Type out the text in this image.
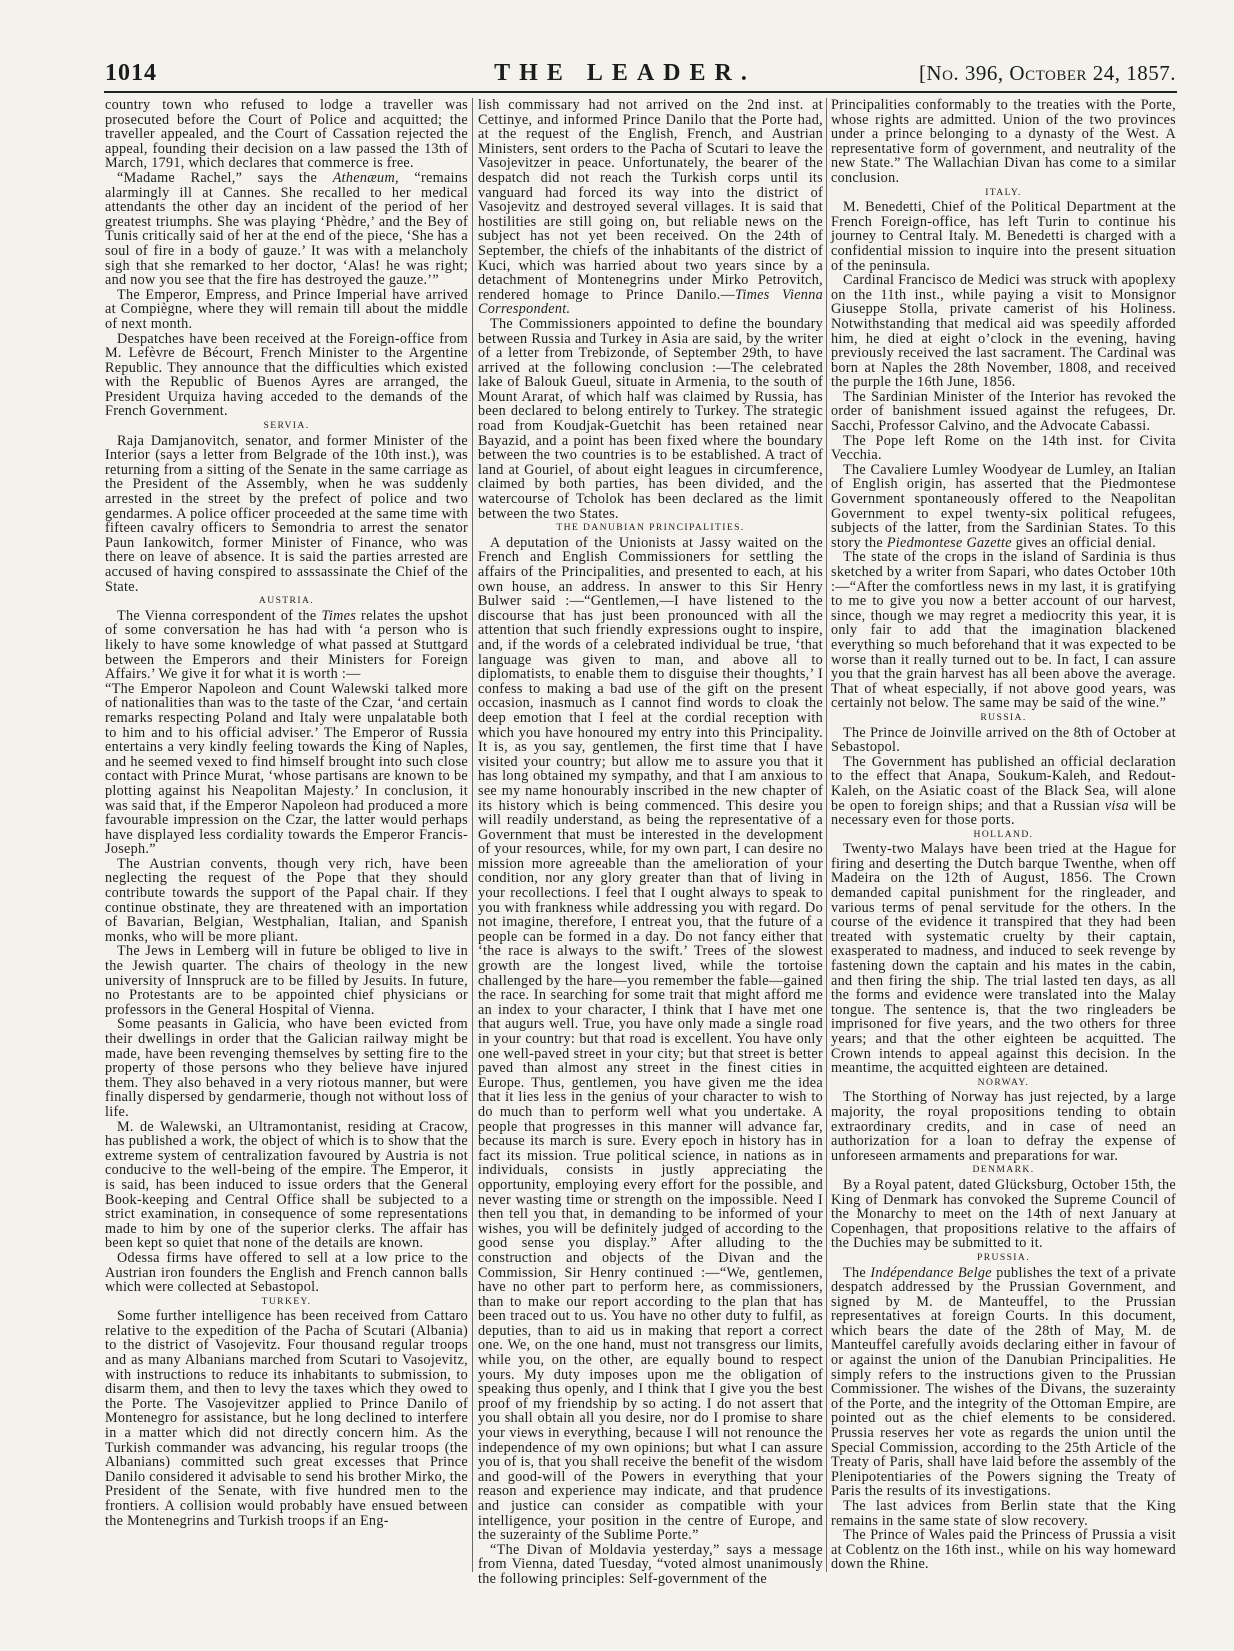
1014	THE LEADER.	[No. 396, October 24, 1857.

country town who refused to lodge a traveller was prosecuted before the Court of Police and acquitted; the traveller appealed, and the Court of Cassation rejected the appeal, founding their decision on a law passed the 13th of March, 1791, which declares that commerce is free.

“Madame Rachel,” says the Athenæum, “remains alarmingly ill at Cannes. She recalled to her medical attendants the other day an incident of the period of her greatest triumphs. She was playing ‘Phèdre,’ and the Bey of Tunis critically said of her at the end of the piece, ‘She has a soul of fire in a body of gauze.’ It was with a melancholy sigh that she remarked to her doctor, ‘Alas! he was right; and now you see that the fire has destroyed the gauze.’”

The Emperor, Empress, and Prince Imperial have arrived at Compiègne, where they will remain till about the middle of next month.

Despatches have been received at the Foreign-office from M. Lefèvre de Bécourt, French Minister to the Argentine Republic. They announce that the difficulties which existed with the Republic of Buenos Ayres are arranged, the President Urquiza having acceded to the demands of the French Government.

SERVIA.

Raja Damjanovitch, senator, and former Minister of the Interior (says a letter from Belgrade of the 10th inst.), was returning from a sitting of the Senate in the same carriage as the President of the Assembly, when he was suddenly arrested in the street by the prefect of police and two gendarmes. A police officer proceeded at the same time with fifteen cavalry officers to Semondria to arrest the senator Paun Iankowitch, former Minister of Finance, who was there on leave of absence. It is said the parties arrested are accused of having conspired to asssassinate the Chief of the State.

AUSTRIA.

The Vienna correspondent of the Times relates the upshot of some conversation he has had with ‘a person who is likely to have some knowledge of what passed at Stuttgard between the Emperors and their Ministers for Foreign Affairs.’ We give it for what it is worth :—

“The Emperor Napoleon and Count Walewski talked more of nationalities than was to the taste of the Czar, ‘and certain remarks respecting Poland and Italy were unpalatable both to him and to his official adviser.’ The Emperor of Russia entertains a very kindly feeling towards the King of Naples, and he seemed vexed to find himself brought into such close contact with Prince Murat, ‘whose partisans are known to be plotting against his Neapolitan Majesty.’ In conclusion, it was said that, if the Emperor Napoleon had produced a more favourable impression on the Czar, the latter would perhaps have displayed less cordiality towards the Emperor Francis-Joseph.”

The Austrian convents, though very rich, have been neglecting the request of the Pope that they should contribute towards the support of the Papal chair. If they continue obstinate, they are threatened with an importation of Bavarian, Belgian, Westphalian, Italian, and Spanish monks, who will be more pliant.

The Jews in Lemberg will in future be obliged to live in the Jewish quarter. The chairs of theology in the new university of Innspruck are to be filled by Jesuits. In future, no Protestants are to be appointed chief physicians or professors in the General Hospital of Vienna.

Some peasants in Galicia, who have been evicted from their dwellings in order that the Galician railway might be made, have been revenging themselves by setting fire to the property of those persons who they believe have injured them. They also behaved in a very riotous manner, but were finally dispersed by gendarmerie, though not without loss of life.

M. de Walewski, an Ultramontanist, residing at Cracow, has published a work, the object of which is to show that the extreme system of centralization favoured by Austria is not conducive to the well-being of the empire. The Emperor, it is said, has been induced to issue orders that the General Book-keeping and Central Office shall be subjected to a strict examination, in consequence of some representations made to him by one of the superior clerks. The affair has been kept so quiet that none of the details are known.

Odessa firms have offered to sell at a low price to the Austrian iron founders the English and French cannon balls which were collected at Sebastopol.

TURKEY.

Some further intelligence has been received from Cattaro relative to the expedition of the Pacha of Scutari (Albania) to the district of Vasojevitz. Four thousand regular troops and as many Albanians marched from Scutari to Vasojevitz, with instructions to reduce its inhabitants to submission, to disarm them, and then to levy the taxes which they owed to the Porte. The Vasojevitzer applied to Prince Danilo of Montenegro for assistance, but he long declined to interfere in a matter which did not directly concern him. As the Turkish commander was advancing, his regular troops (the Albanians) committed such great excesses that Prince Danilo considered it advisable to send his brother Mirko, the President of the Senate, with five hundred men to the frontiers. A collision would probably have ensued between the Montenegrins and Turkish troops if an Eng-

lish commissary had not arrived on the 2nd inst. at Cettinye, and informed Prince Danilo that the Porte had, at the request of the English, French, and Austrian Ministers, sent orders to the Pacha of Scutari to leave the Vasojevitzer in peace. Unfortunately, the bearer of the despatch did not reach the Turkish corps until its vanguard had forced its way into the district of Vasojevitz and destroyed several villages. It is said that hostilities are still going on, but reliable news on the subject has not yet been received. On the 24th of September, the chiefs of the inhabitants of the district of Kuci, which was harried about two years since by a detachment of Montenegrins under Mirko Petrovitch, rendered homage to Prince Danilo.—Times Vienna Correspondent.

The Commissioners appointed to define the boundary between Russia and Turkey in Asia are said, by the writer of a letter from Trebizonde, of September 29th, to have arrived at the following conclusion :—The celebrated lake of Balouk Gueul, situate in Armenia, to the south of Mount Ararat, of which half was claimed by Russia, has been declared to belong entirely to Turkey. The strategic road from Koudjak-Guetchit has been retained near Bayazid, and a point has been fixed where the boundary between the two countries is to be established. A tract of land at Gouriel, of about eight leagues in circumference, claimed by both parties, has been divided, and the watercourse of Tcholok has been declared as the limit between the two States.

THE DANUBIAN PRINCIPALITIES.

A deputation of the Unionists at Jassy waited on the French and English Commissioners for settling the affairs of the Principalities, and presented to each, at his own house, an address. In answer to this Sir Henry Bulwer said :—“Gentlemen,—I have listened to the discourse that has just been pronounced with all the attention that such friendly expressions ought to inspire, and, if the words of a celebrated individual be true, ‘that language was given to man, and above all to diplomatists, to enable them to disguise their thoughts,’ I confess to making a bad use of the gift on the present occasion, inasmuch as I cannot find words to cloak the deep emotion that I feel at the cordial reception with which you have honoured my entry into this Principality. It is, as you say, gentlemen, the first time that I have visited your country; but allow me to assure you that it has long obtained my sympathy, and that I am anxious to see my name honourably inscribed in the new chapter of its history which is being commenced. This desire you will readily understand, as being the representative of a Government that must be interested in the development of your resources, while, for my own part, I can desire no mission more agreeable than the amelioration of your condition, nor any glory greater than that of living in your recollections. I feel that I ought always to speak to you with frankness while addressing you with regard. Do not imagine, therefore, I entreat you, that the future of a people can be formed in a day. Do not fancy either that ‘the race is always to the swift.’ Trees of the slowest growth are the longest lived, while the tortoise challenged by the hare—you remember the fable—gained the race. In searching for some trait that might afford me an index to your character, I think that I have met one that augurs well. True, you have only made a single road in your country: but that road is excellent. You have only one well-paved street in your city; but that street is better paved than almost any street in the finest cities in Europe. Thus, gentlemen, you have given me the idea that it lies less in the genius of your character to wish to do much than to perform well what you undertake. A people that progresses in this manner will advance far, because its march is sure. Every epoch in history has in fact its mission. True political science, in nations as in individuals, consists in justly appreciating the opportunity, employing every effort for the possible, and never wasting time or strength on the impossible. Need I then tell you that, in demanding to be informed of your wishes, you will be definitely judged of according to the good sense you display.” After alluding to the construction and objects of the Divan and the Commission, Sir Henry continued :—“We, gentlemen, have no other part to perform here, as commissioners, than to make our report according to the plan that has been traced out to us. You have no other duty to fulfil, as deputies, than to aid us in making that report a correct one. We, on the one hand, must not transgress our limits, while you, on the other, are equally bound to respect yours. My duty imposes upon me the obligation of speaking thus openly, and I think that I give you the best proof of my friendship by so acting. I do not assert that you shall obtain all you desire, nor do I promise to share your views in everything, because I will not renounce the independence of my own opinions; but what I can assure you of is, that you shall receive the benefit of the wisdom and good-will of the Powers in everything that your reason and experience may indicate, and that prudence and justice can consider as compatible with your intelligence, your position in the centre of Europe, and the suzerainty of the Sublime Porte.”

“The Divan of Moldavia yesterday,” says a message from Vienna, dated Tuesday, “voted almost unanimously the following principles: Self-government of the

Principalities conformably to the treaties with the Porte, whose rights are admitted. Union of the two provinces under a prince belonging to a dynasty of the West. A representative form of government, and neutrality of the new State.” The Wallachian Divan has come to a similar conclusion.

ITALY.

M. Benedetti, Chief of the Political Department at the French Foreign-office, has left Turin to continue his journey to Central Italy. M. Benedetti is charged with a confidential mission to inquire into the present situation of the peninsula.

Cardinal Francisco de Medici was struck with apoplexy on the 11th inst., while paying a visit to Monsignor Giuseppe Stolla, private camerist of his Holiness. Notwithstanding that medical aid was speedily afforded him, he died at eight o’clock in the evening, having previously received the last sacrament. The Cardinal was born at Naples the 28th November, 1808, and received the purple the 16th June, 1856.

The Sardinian Minister of the Interior has revoked the order of banishment issued against the refugees, Dr. Sacchi, Professor Calvino, and the Advocate Cabassi.

The Pope left Rome on the 14th inst. for Civita Vecchia.

The Cavaliere Lumley Woodyear de Lumley, an Italian of English origin, has asserted that the Piedmontese Government spontaneously offered to the Neapolitan Government to expel twenty-six political refugees, subjects of the latter, from the Sardinian States. To this story the Piedmontese Gazette gives an official denial.

The state of the crops in the island of Sardinia is thus sketched by a writer from Sapari, who dates October 10th :—“After the comfortless news in my last, it is gratifying to me to give you now a better account of our harvest, since, though we may regret a mediocrity this year, it is only fair to add that the imagination blackened everything so much beforehand that it was expected to be worse than it really turned out to be. In fact, I can assure you that the grain harvest has all been above the average. That of wheat especially, if not above good years, was certainly not below. The same may be said of the wine.”

RUSSIA.

The Prince de Joinville arrived on the 8th of October at Sebastopol.

The Government has published an official declaration to the effect that Anapa, Soukum-Kaleh, and Redout-Kaleh, on the Asiatic coast of the Black Sea, will alone be open to foreign ships; and that a Russian visa will be necessary even for those ports.

HOLLAND.

Twenty-two Malays have been tried at the Hague for firing and deserting the Dutch barque Twenthe, when off Madeira on the 12th of August, 1856. The Crown demanded capital punishment for the ringleader, and various terms of penal servitude for the others. In the course of the evidence it transpired that they had been treated with systematic cruelty by their captain, exasperated to madness, and induced to seek revenge by fastening down the captain and his mates in the cabin, and then firing the ship. The trial lasted ten days, as all the forms and evidence were translated into the Malay tongue. The sentence is, that the two ringleaders be imprisoned for five years, and the two others for three years; and that the other eighteen be acquitted. The Crown intends to appeal against this decision. In the meantime, the acquitted eighteen are detained.

NORWAY.

The Storthing of Norway has just rejected, by a large majority, the royal propositions tending to obtain extraordinary credits, and in case of need an authorization for a loan to defray the expense of unforeseen armaments and preparations for war.

DENMARK.

By a Royal patent, dated Glücksburg, October 15th, the King of Denmark has convoked the Supreme Council of the Monarchy to meet on the 14th of next January at Copenhagen, that propositions relative to the affairs of the Duchies may be submitted to it.

PRUSSIA.

The Indépendance Belge publishes the text of a private despatch addressed by the Prussian Government, and signed by M. de Manteuffel, to the Prussian representatives at foreign Courts. In this document, which bears the date of the 28th of May, M. de Manteuffel carefully avoids declaring either in favour of or against the union of the Danubian Principalities. He simply refers to the instructions given to the Prussian Commissioner. The wishes of the Divans, the suzerainty of the Porte, and the integrity of the Ottoman Empire, are pointed out as the chief elements to be considered. Prussia reserves her vote as regards the union until the Special Commission, according to the 25th Article of the Treaty of Paris, shall have laid before the assembly of the Plenipotentiaries of the Powers signing the Treaty of Paris the results of its investigations.

The last advices from Berlin state that the King remains in the same state of slow recovery.

The Prince of Wales paid the Princess of Prussia a visit at Coblentz on the 16th inst., while on his way homeward down the Rhine.
